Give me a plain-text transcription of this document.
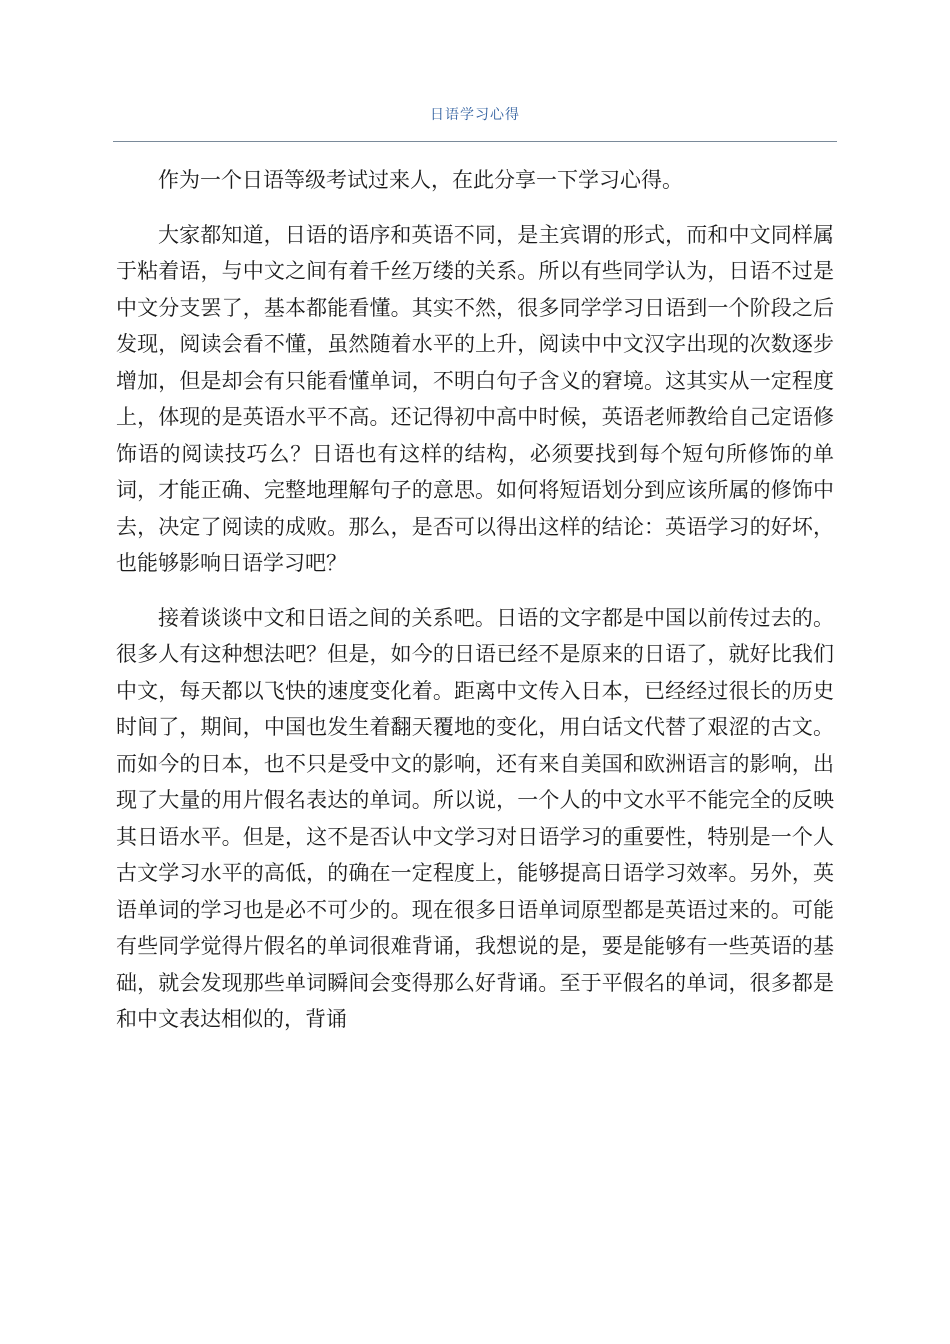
日语学习心得

作为一个日语等级考试过来人，在此分享一下学习心得。

大家都知道，日语的语序和英语不同，是主宾谓的形式，而和中文同样属于粘着语，与中文之间有着千丝万缕的关系。所以有些同学认为，日语不过是中文分支罢了，基本都能看懂。其实不然，很多同学学习日语到一个阶段之后发现，阅读会看不懂，虽然随着水平的上升，阅读中中文汉字出现的次数逐步增加，但是却会有只能看懂单词，不明白句子含义的窘境。这其实从一定程度上，体现的是英语水平不高。还记得初中高中时候，英语老师教给自己定语修饰语的阅读技巧么？日语也有这样的结构，必须要找到每个短句所修饰的单词，才能正确、完整地理解句子的意思。如何将短语划分到应该所属的修饰中去，决定了阅读的成败。那么，是否可以得出这样的结论：英语学习的好坏，也能够影响日语学习吧？

接着谈谈中文和日语之间的关系吧。日语的文字都是中国以前传过去的。很多人有这种想法吧？但是，如今的日语已经不是原来的日语了，就好比我们中文，每天都以飞快的速度变化着。距离中文传入日本，已经经过很长的历史时间了，期间，中国也发生着翻天覆地的变化，用白话文代替了艰涩的古文。而如今的日本，也不只是受中文的影响，还有来自美国和欧洲语言的影响，出现了大量的用片假名表达的单词。所以说，一个人的中文水平不能完全的反映其日语水平。但是，这不是否认中文学习对日语学习的重要性，特别是一个人古文学习水平的高低，的确在一定程度上，能够提高日语学习效率。另外，英语单词的学习也是必不可少的。现在很多日语单词原型都是英语过来的。可能有些同学觉得片假名的单词很难背诵，我想说的是，要是能够有一些英语的基础，就会发现那些单词瞬间会变得那么好背诵。至于平假名的单词，很多都是和中文表达相似的，背诵
